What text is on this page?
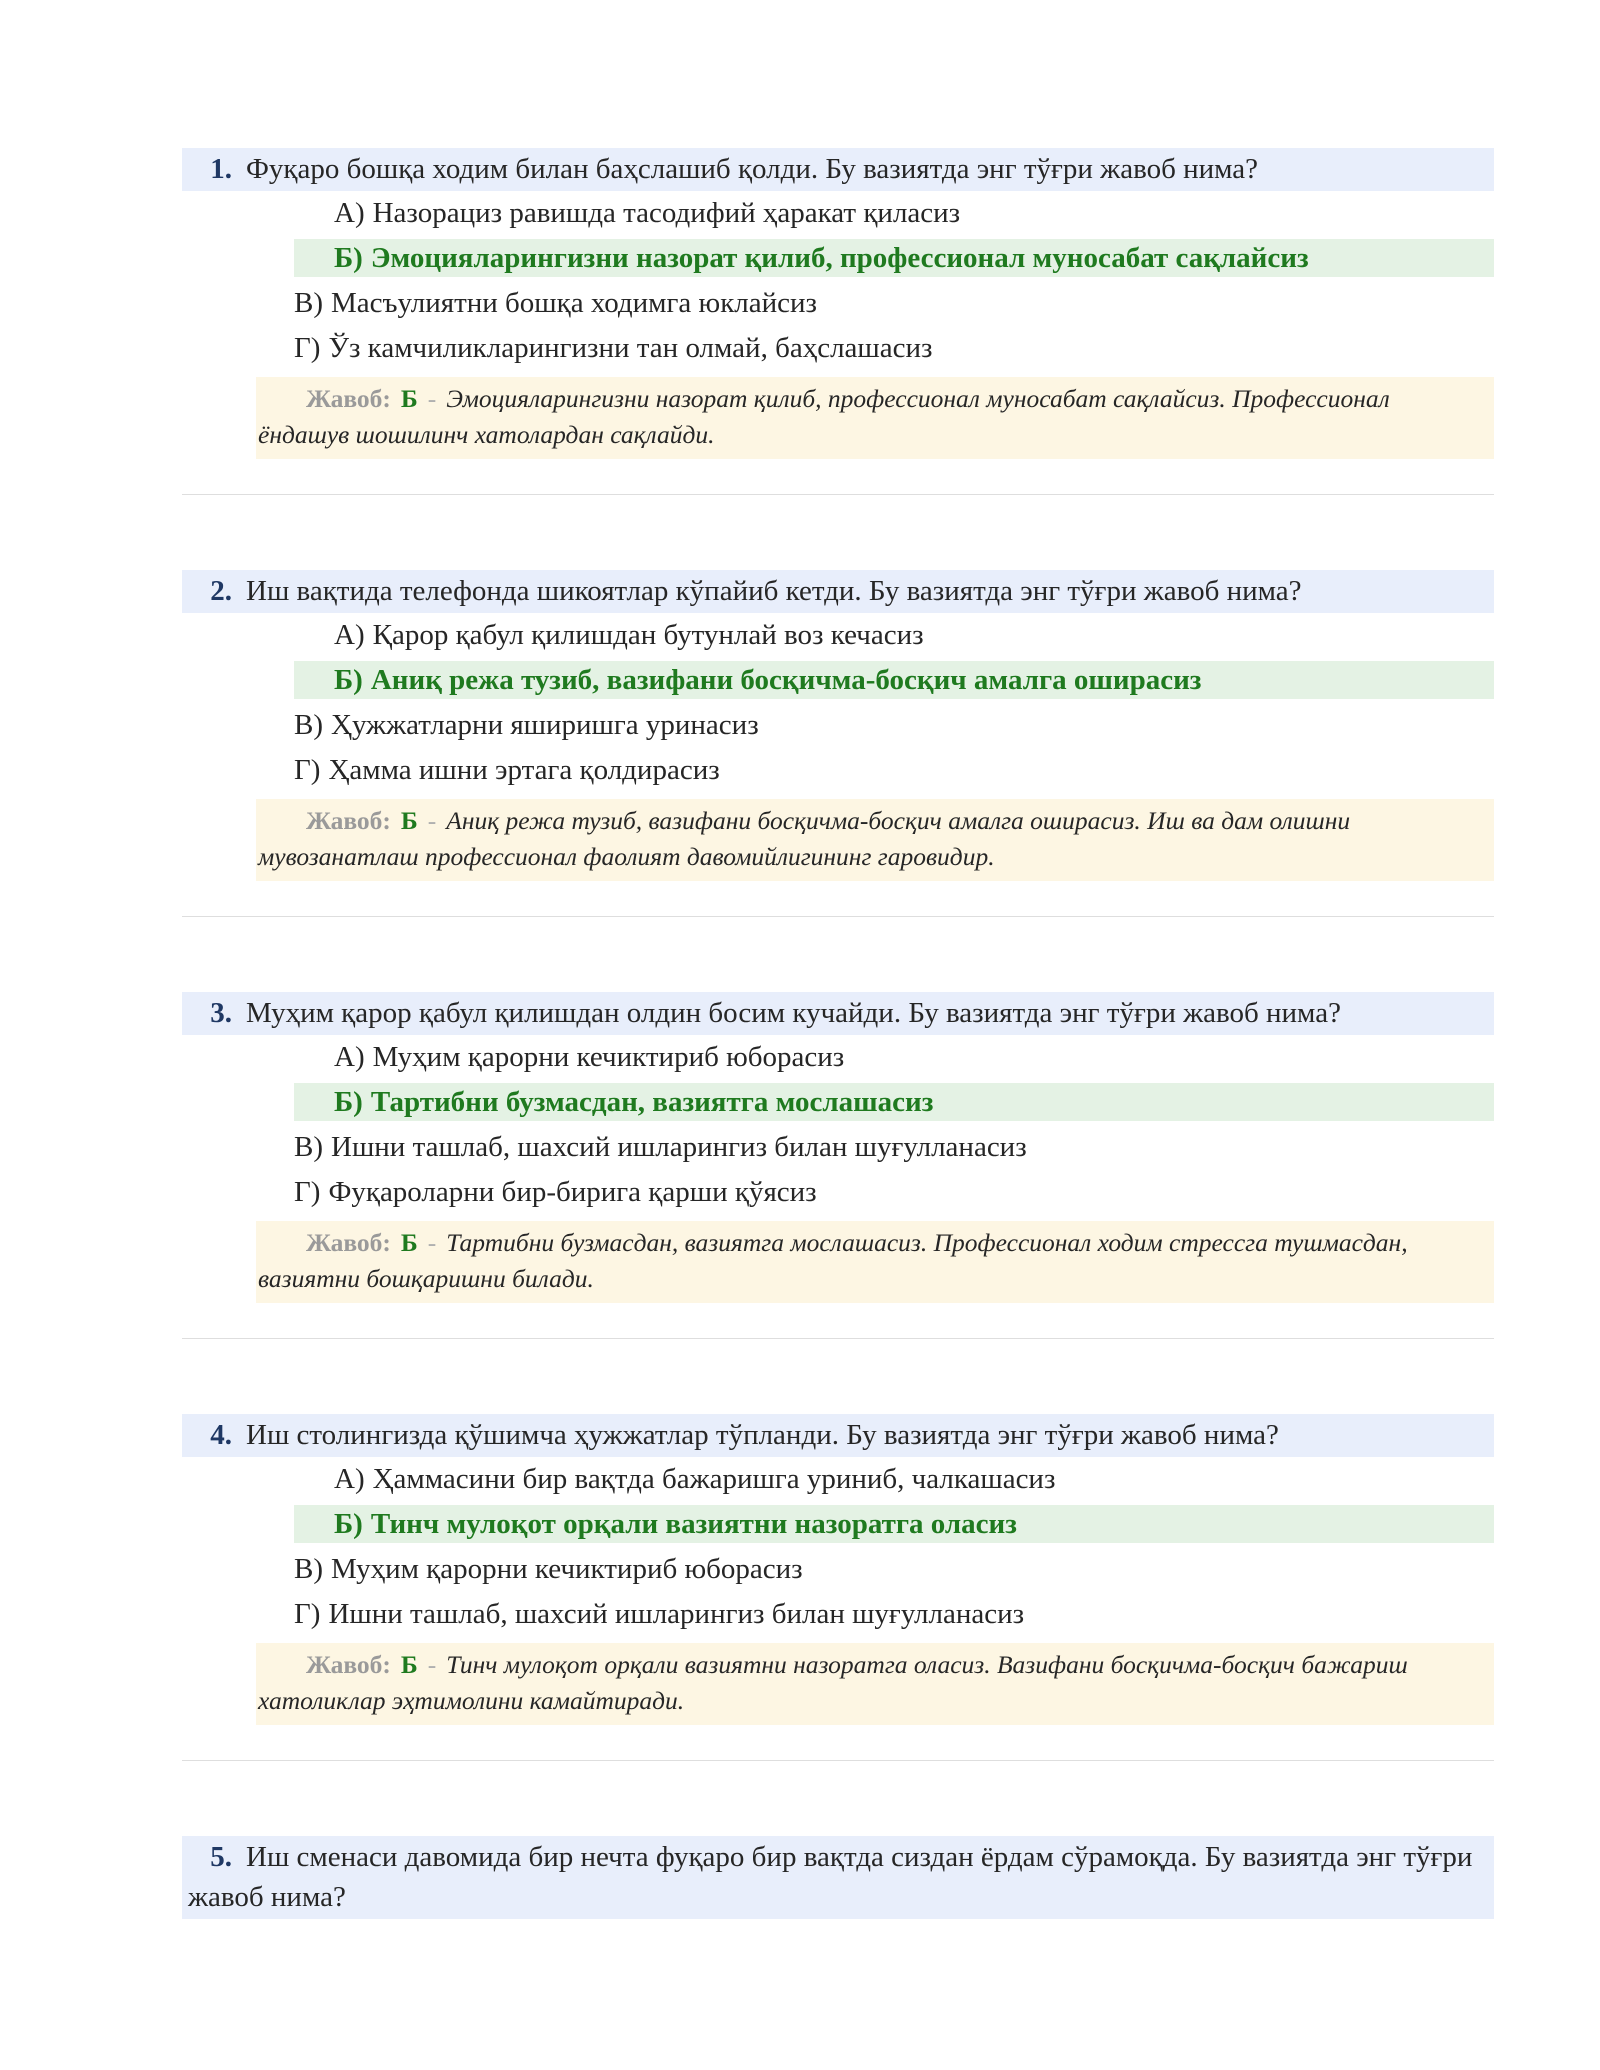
1. Фуқаро бошқа ходим билан баҳслашиб қолди. Бу вазиятда энг тўғри жавоб нима?
А) Назорациз равишда тасодифий ҳаракат қиласиз
Б) Эмоцияларингизни назорат қилиб, профессионал муносабат сақлайсиз
В) Масъулиятни бошқа ходимга юклайсиз
Г) Ўз камчиликларингизни тан олмай, баҳслашасиз
Жавоб: Б - Эмоцияларингизни назорат қилиб, профессионал муносабат сақлайсиз. Профессионал ёндашув шошилинч хатолардан сақлайди.
2. Иш вақтида телефонда шикоятлар кўпайиб кетди. Бу вазиятда энг тўғри жавоб нима?
А) Қарор қабул қилишдан бутунлай воз кечасиз
Б) Аниқ режа тузиб, вазифани босқичма-босқич амалга оширасиз
В) Ҳужжатларни яширишга уринасиз
Г) Ҳамма ишни эртага қолдирасиз
Жавоб: Б - Аниқ режа тузиб, вазифани босқичма-босқич амалга оширасиз. Иш ва дам олишни мувозанатлаш профессионал фаолият давомийлигининг гаровидир.
3. Муҳим қарор қабул қилишдан олдин босим кучайди. Бу вазиятда энг тўғри жавоб нима?
А) Муҳим қарорни кечиктириб юборасиз
Б) Тартибни бузмасдан, вазиятга мослашасиз
В) Ишни ташлаб, шахсий ишларингиз билан шуғулланасиз
Г) Фуқароларни бир-бирига қарши қўясиз
Жавоб: Б - Тартибни бузмасдан, вазиятга мослашасиз. Профессионал ходим стрессга тушмасдан, вазиятни бошқаришни билади.
4. Иш столингизда қўшимча ҳужжатлар тўпланди. Бу вазиятда энг тўғри жавоб нима?
А) Ҳаммасини бир вақтда бажаришга уриниб, чалкашасиз
Б) Тинч мулоқот орқали вазиятни назоратга оласиз
В) Муҳим қарорни кечиктириб юборасиз
Г) Ишни ташлаб, шахсий ишларингиз билан шуғулланасиз
Жавоб: Б - Тинч мулоқот орқали вазиятни назоратга оласиз. Вазифани босқичма-босқич бажариш хатоликлар эҳтимолини камайтиради.
5. Иш сменаси давомида бир нечта фуқаро бир вақтда сиздан ёрдам сўрамоқда. Бу вазиятда энг тўғри жавоб нима?
